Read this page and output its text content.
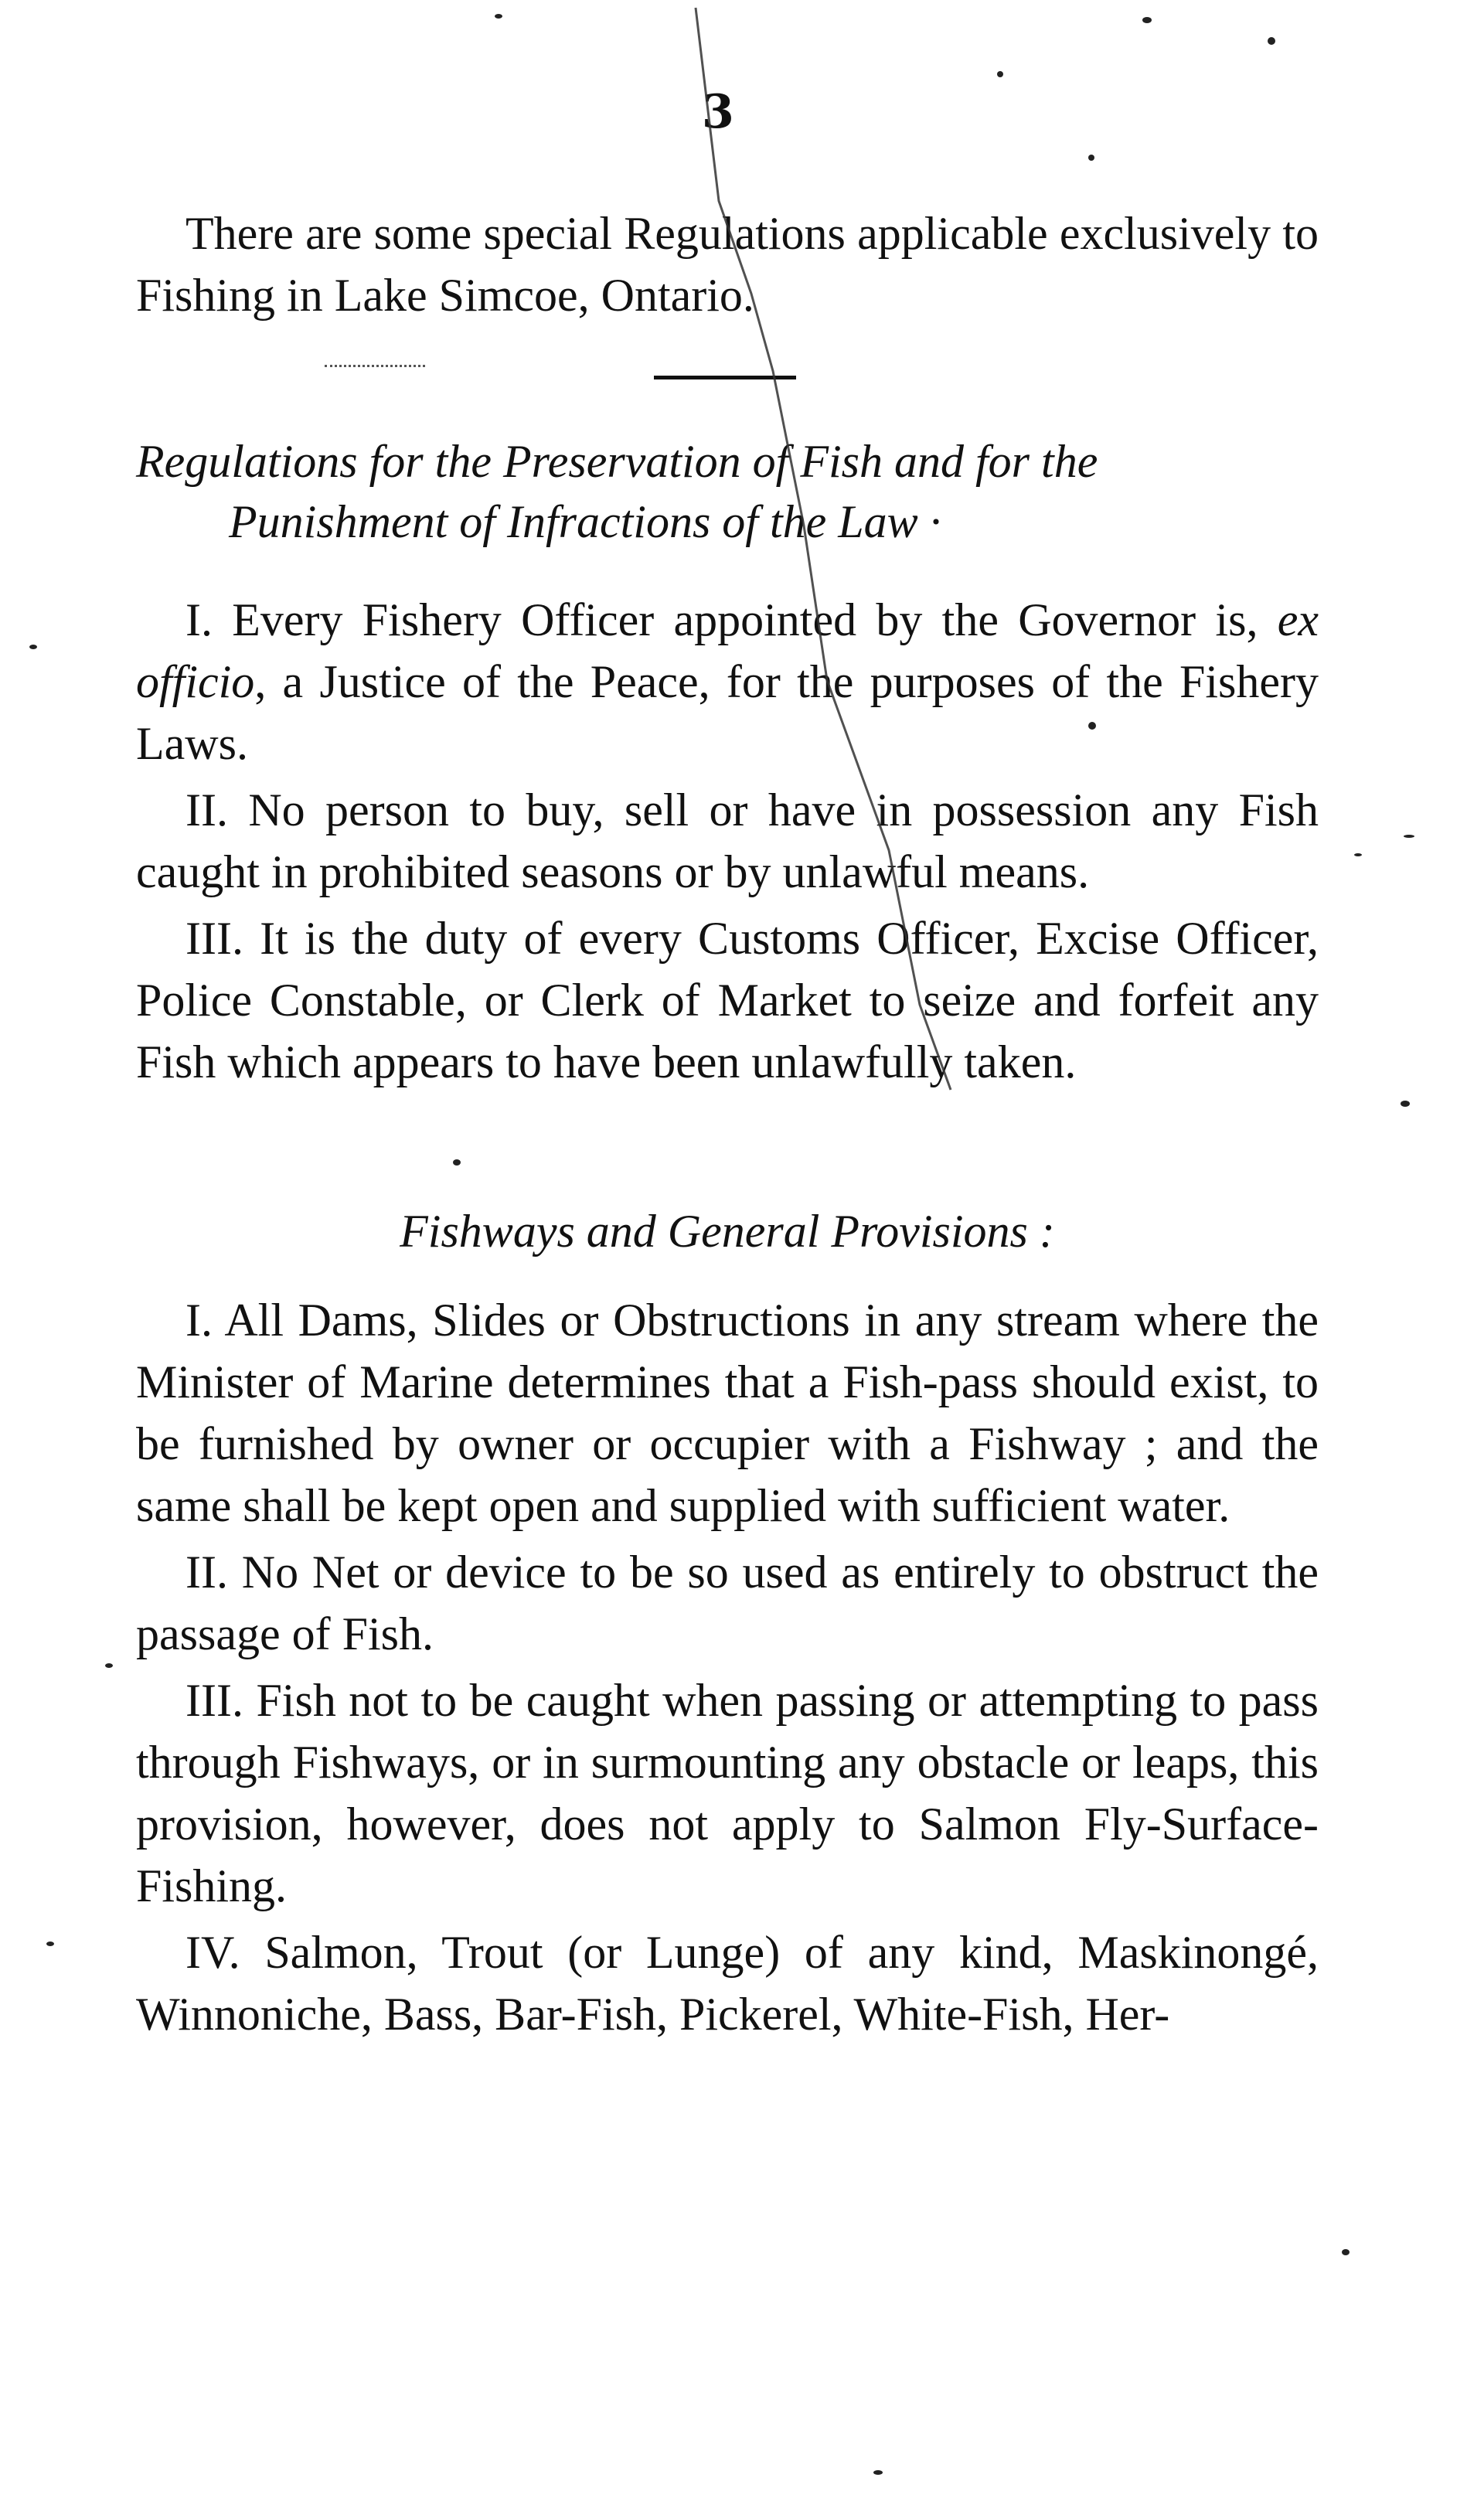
3
There are some special Regulations applicable exclusively to Fishing in Lake Simcoe, Ontario.
Regulations for the Preservation of Fish and for the
Punishment of Infractions of the Law ·

I. Every Fishery Officer appointed by the Governor is, ex officio, a Justice of the Peace, for the purposes of the Fishery Laws.

II. No person to buy, sell or have in possession any Fish caught in prohibited seasons or by unlawful means.

III. It is the duty of every Customs Officer, Excise Officer, Police Constable, or Clerk of Market to seize and forfeit any Fish which appears to have been unlawfully taken.

Fishways and General Provisions :

I. All Dams, Slides or Obstructions in any stream where the Minister of Marine determines that a Fish-pass should exist, to be furnished by owner or occupier with a Fishway ; and the same shall be kept open and supplied with sufficient water.

II. No Net or device to be so used as entirely to obstruct the passage of Fish.

III. Fish not to be caught when passing or attempting to pass through Fishways, or in surmounting any obstacle or leaps, this provision, however, does not apply to Salmon Fly-Surface-Fishing.

IV. Salmon, Trout (or Lunge) of any kind, Maskinongé, Winnoniche, Bass, Bar-Fish, Pickerel, White-Fish, Her-
